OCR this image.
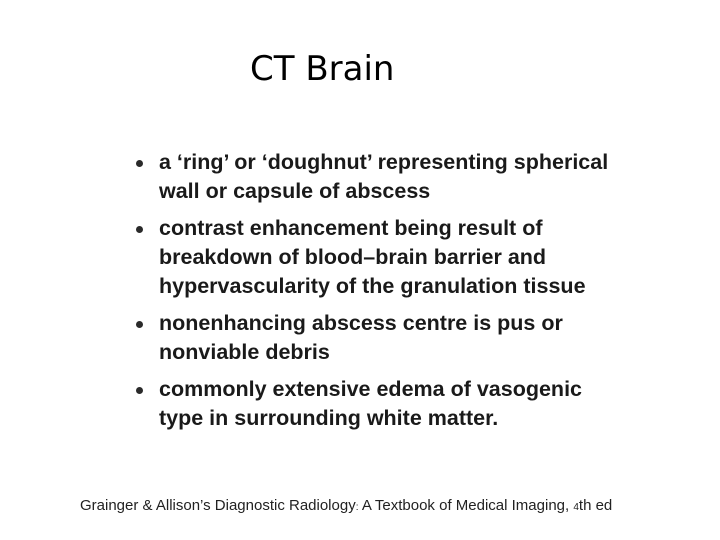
CT Brain
a ‘ring’ or ‘doughnut’ representing spherical
wall or capsule of abscess
contrast enhancement being result of
breakdown of blood–brain barrier and
hypervascularity of the granulation tissue
nonenhancing abscess centre is pus or
nonviable debris
commonly extensive edema of vasogenic
type in surrounding white matter.
Grainger & Allison’s Diagnostic Radiology: A Textbook of Medical Imaging, 4th ed
